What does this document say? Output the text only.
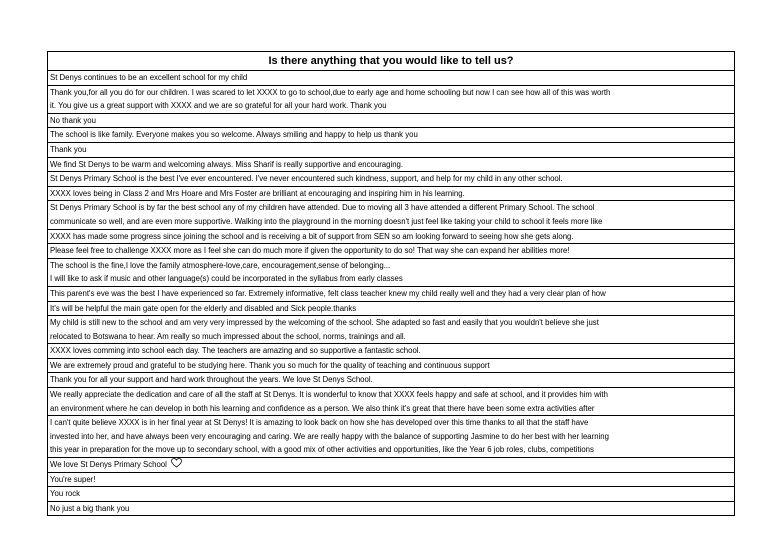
Is there anything that you would like to tell us?
St Denys continues to be an excellent school for my child
Thank you,for all you do for our children. I was scared to let XXXX to go to school,due to early age and home schooling but now I can see how all of this was worth
it. You give us a great support with XXXX and we are so grateful for all your hard work. Thank you
No thank you
The school is like family. Everyone makes you so welcome. Always smiling and happy to help us thank you
Thank you
We find St Denys to be warm and welcoming always. Miss Sharif is really supportive and encouraging.
St Denys Primary School is the best I've ever encountered. I've never encountered such kindness, support, and help for my child in any other school.
XXXX loves being in Class 2 and Mrs Hoare and Mrs Foster are brilliant at encouraging and inspiring him in his learning.
St Denys Primary School is by far the best school any of my children have attended. Due to moving all 3 have attended a different Primary School. The school
communicate so well, and are even more supportive. Walking into the playground in the morning doesn't just feel like taking your child to school it feels more like
XXXX has made some progress since joining the school and is receiving a bit of support from SEN so am looking forward to seeing how she gets along.
Please feel free to challenge XXXX more as I feel she can do much more if given the opportunity to do so! That way she can expand her abilities more!
The school is the fine,I love the family atmosphere-love,care, encouragement,sense of belonging...
I will like to ask if music and other language(s) could be incorporated in the syllabus from early classes
This parent's eve was the best I have experienced so far. Extremely informative, felt class teacher knew my child really well and they had a very clear plan of how
It's will be helpful the main gate open for the elderly and disabled and Sick people.thanks
My child is still new to the school and am very very impressed by the welcoming of the school. She adapted so fast and easily that you wouldn't believe she just
relocated to Botswana to hear. Am really so much impressed about the school, norms, trainings and all.
XXXX loves comming into school each day. The teachers are amazing and so supportive a fantastic school.
We are extremely proud and grateful to be studying here. Thank you so much for the quality of teaching and continuous support
Thank you for all your support and hard work throughout the years. We love St Denys School.
We really appreciate the dedication and care of all the staff at St Denys. It is wonderful to know that XXXX feels happy and safe at school, and it provides him with
an environment where he can develop in both his learning and confidence as a person. We also think it's great that there have been some extra activities after
I can't quite believe XXXX is in her final year at St Denys! It is amazing to look back on how she has developed over this time thanks to all that the staff have
invested into her, and have always been very encouraging and caring. We are really happy with the balance of supporting Jasmine to do her best with her learning
this year in preparation for the move up to secondary school, with a good mix of other activities and opportunities, like the Year 6 job roles, clubs, competitions
We love St Denys Primary School
You're super!
You rock
No just a big thank you
